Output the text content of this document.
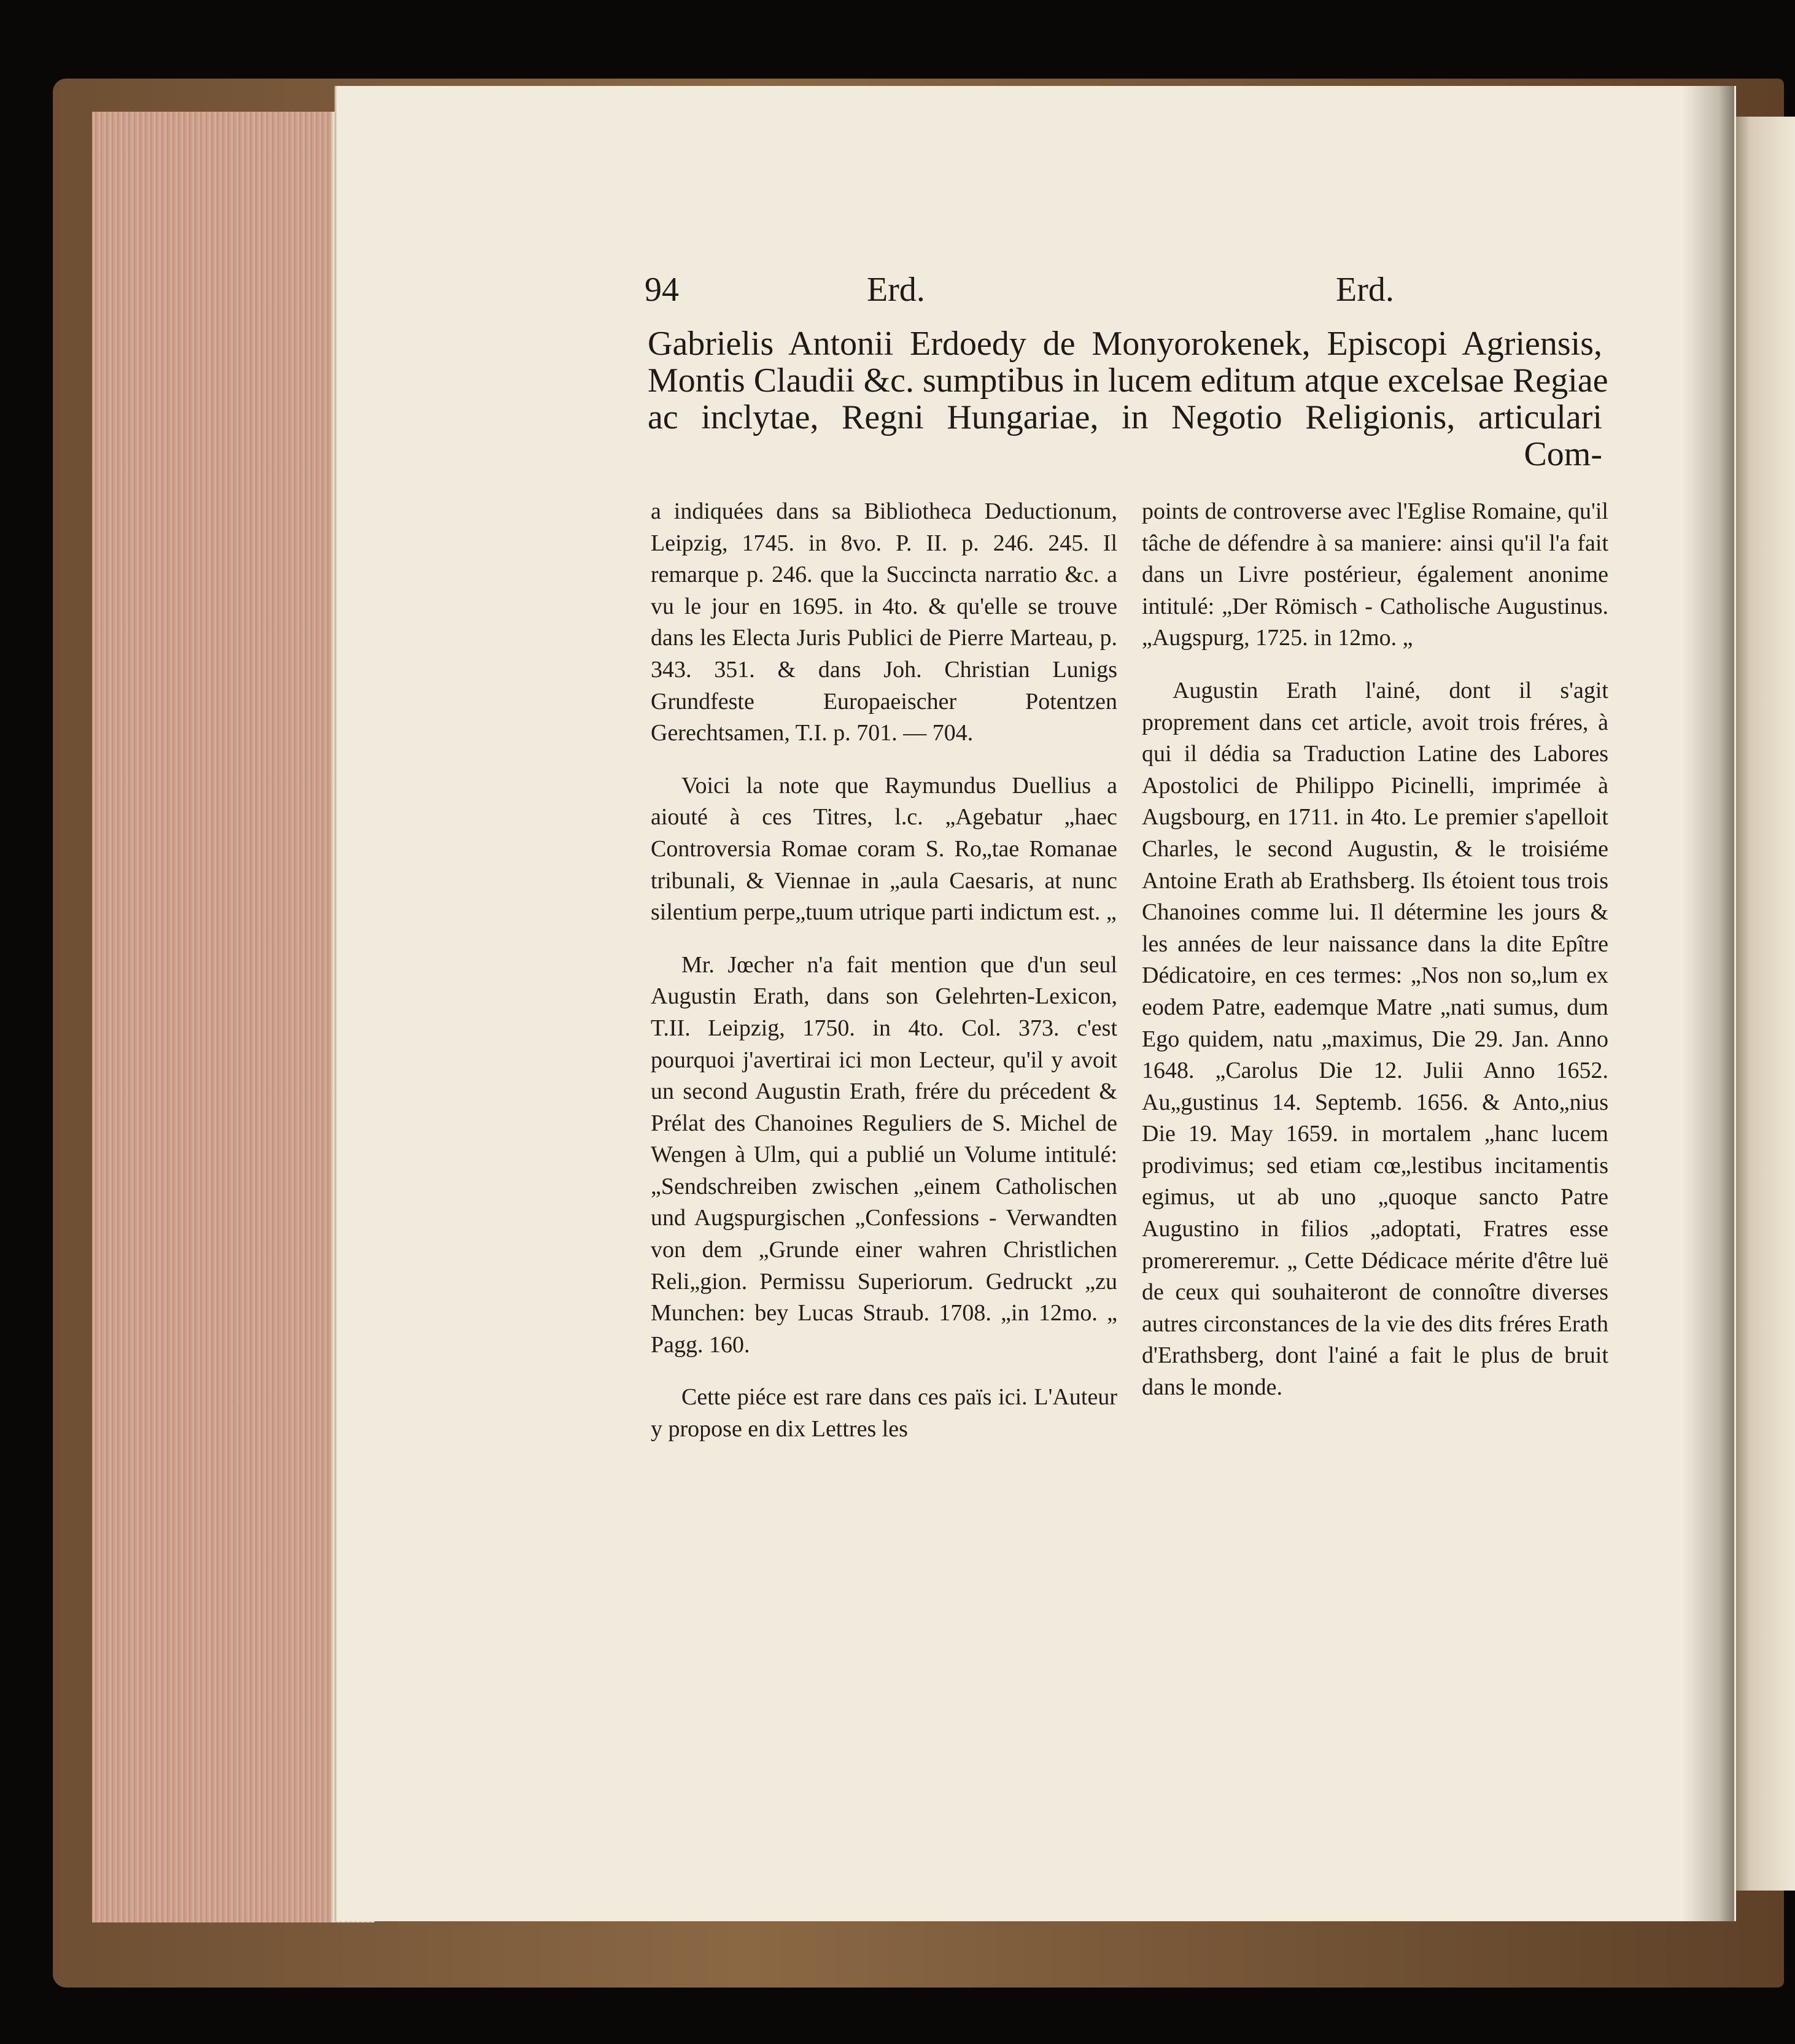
94	Erd.	Erd.
Gabrielis Antonii Erdoedy de Monyorokenek, Episcopi Agriensis,
Montis Claudii &c. sumptibus in lucem editum atque excelsae Regiae
ac inclytae, Regni Hungariae, in Negotio Religionis, articulari
Com-

a indiquées dans sa Bibliotheca Deductionum, Leipzig, 1745. in 8vo. P. II. p. 246. 245. Il remarque p. 246. que la Succincta narratio &c. a vu le jour en 1695. in 4to. & qu'elle se trouve dans les Electa Juris Publici de Pierre Marteau, p. 343. 351. & dans Joh. Christian Lunigs Grundfeste Europaeischer Potentzen Gerechtsamen, T.I. p. 701. — 704.

Voici la note que Raymundus Duellius a aiouté à ces Titres, l.c. „Agebatur „haec Controversia Romae coram S. Ro„tae Romanae tribunali, & Viennae in „aula Caesaris, at nunc silentium perpe„tuum utrique parti indictum est. „

Mr. Jœcher n'a fait mention que d'un seul Augustin Erath, dans son Gelehrten-Lexicon, T.II. Leipzig, 1750. in 4to. Col. 373. c'est pourquoi j'avertirai ici mon Lecteur, qu'il y avoit un second Augustin Erath, frére du précedent & Prélat des Chanoines Reguliers de S. Michel de Wengen à Ulm, qui a publié un Volume intitulé: „Sendschreiben zwischen „einem Catholischen und Augspurgischen „Confessions - Verwandten von dem „Grunde einer wahren Christlichen Reli„gion. Permissu Superiorum. Gedruckt „zu Munchen: bey Lucas Straub. 1708. „in 12mo. „ Pagg. 160.

Cette piéce est rare dans ces païs ici. L'Auteur y propose en dix Lettres les

points de controverse avec l'Eglise Romaine, qu'il tâche de défendre à sa maniere: ainsi qu'il l'a fait dans un Livre postérieur, également anonime intitulé: „Der Römisch - Catholische Augustinus. „Augspurg, 1725. in 12mo. „

Augustin Erath l'ainé, dont il s'agit proprement dans cet article, avoit trois fréres, à qui il dédia sa Traduction Latine des Labores Apostolici de Philippo Picinelli, imprimée à Augsbourg, en 1711. in 4to. Le premier s'apelloit Charles, le second Augustin, & le troisiéme Antoine Erath ab Erathsberg. Ils étoient tous trois Chanoines comme lui. Il détermine les jours & les années de leur naissance dans la dite Epître Dédicatoire, en ces termes: „Nos non so„lum ex eodem Patre, eademque Matre „nati sumus, dum Ego quidem, natu „maximus, Die 29. Jan. Anno 1648. „Carolus Die 12. Julii Anno 1652. Au„gustinus 14. Septemb. 1656. & Anto„nius Die 19. May 1659. in mortalem „hanc lucem prodivimus; sed etiam cœ„lestibus incitamentis egimus, ut ab uno „quoque sancto Patre Augustino in filios „adoptati, Fratres esse promereremur. „ Cette Dédicace mérite d'être luë de ceux qui souhaiteront de connoître diverses autres circonstances de la vie des dits fréres Erath d'Erathsberg, dont l'ainé a fait le plus de bruit dans le monde.
